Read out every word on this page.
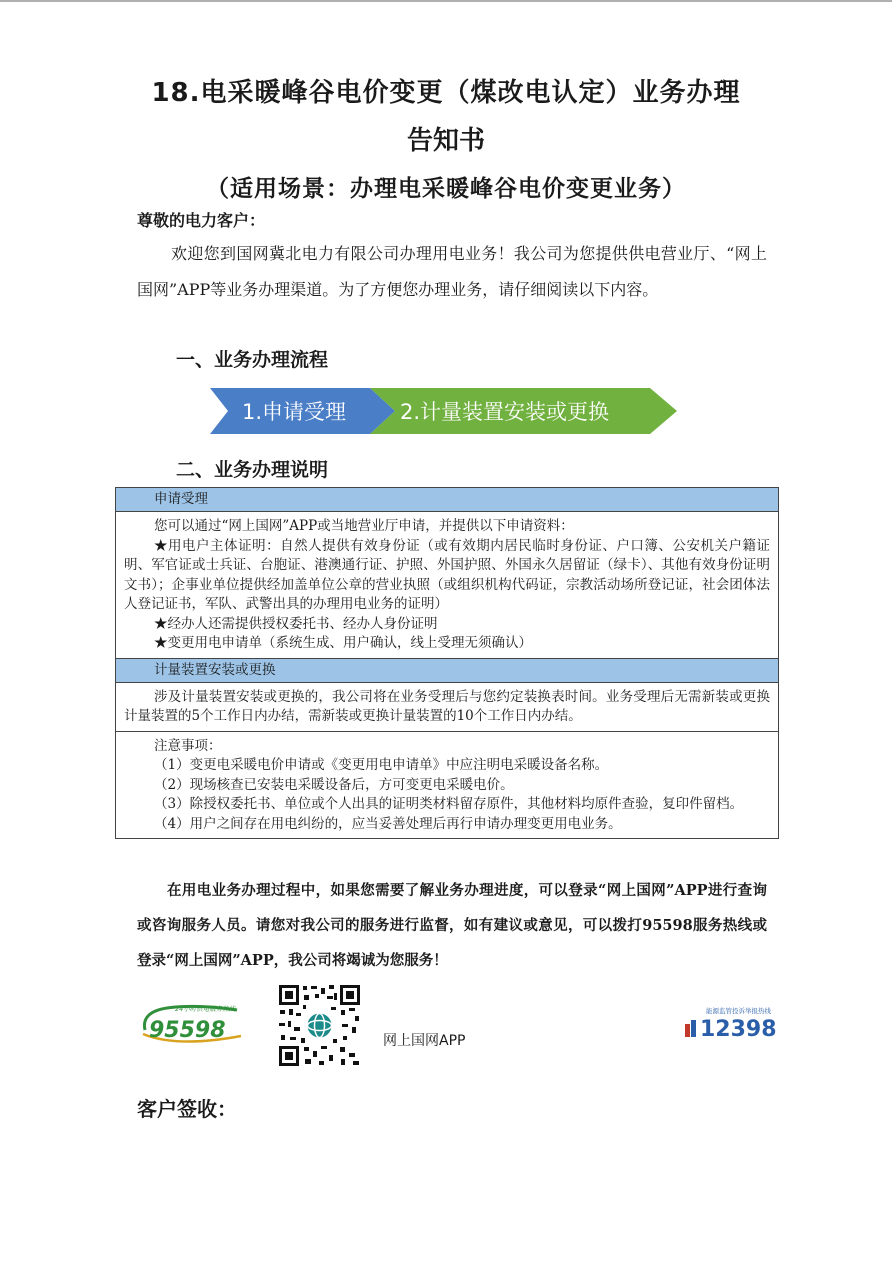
18.电采暖峰谷电价变更（煤改电认定）业务办理
告知书
（适用场景：办理电采暖峰谷电价变更业务）
尊敬的电力客户：
欢迎您到国网冀北电力有限公司办理用电业务！我公司为您提供供电营业厅、“网上国网”APP等业务办理渠道。为了方便您办理业务，请仔细阅读以下内容。
一、业务办理流程
1.申请受理	2.计量装置安装或更换
二、业务办理说明
申请受理

您可以通过“网上国网”APP或当地营业厅申请，并提供以下申请资料：

★用电户主体证明：自然人提供有效身份证（或有效期内居民临时身份证、户口簿、公安机关户籍证明、军官证或士兵证、台胞证、港澳通行证、护照、外国护照、外国永久居留证（绿卡）、其他有效身份证明文书）；企事业单位提供经加盖单位公章的营业执照（或组织机构代码证，宗教活动场所登记证，社会团体法人登记证书，军队、武警出具的办理用电业务的证明）

★经办人还需提供授权委托书、经办人身份证明

★变更用电申请单（系统生成、用户确认，线上受理无须确认）

计量装置安装或更换

涉及计量装置安装或更换的，我公司将在业务受理后与您约定装换表时间。业务受理后无需新装或更换计量装置的5个工作日内办结，需新装或更换计量装置的10个工作日内办结。

注意事项：

（1）变更电采暖电价申请或《变更用电申请单》中应注明电采暖设备名称。

（2）现场核查已安装电采暖设备后，方可变更电采暖电价。

（3）除授权委托书、单位或个人出具的证明类材料留存原件，其他材料均原件查验，复印件留档。

（4）用户之间存在用电纠纷的，应当妥善处理后再行申请办理变更用电业务。

在用电业务办理过程中，如果您需要了解业务办理进度，可以登录“网上国网”APP进行查询或咨询服务人员。请您对我公司的服务进行监督，如有建议或意见，可以拨打95598服务热线或登录“网上国网”APP，我公司将竭诚为您服务！
24小时供电服务热线
95598	网上国网APP
能源监管投诉举报热线
12398
客户签收：
